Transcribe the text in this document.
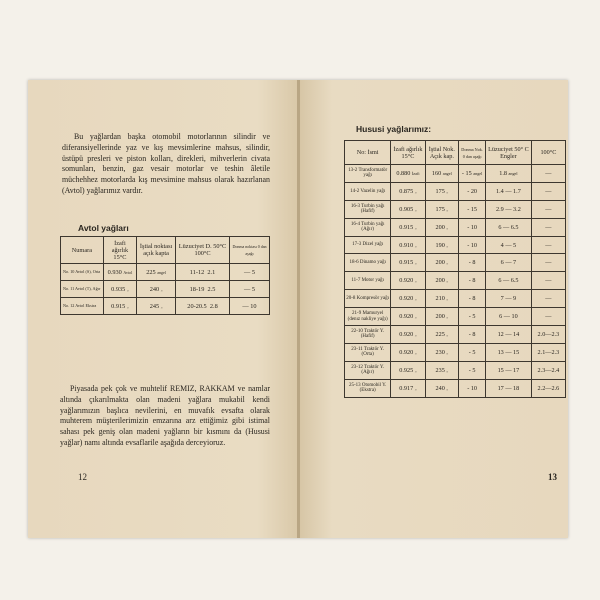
Bu yağlardan başka otomobil motorlarının silindir ve diferansiyellerinde yaz ve kış mevsimlerine mahsus, silindir, üstüpü presleri ve piston kolları, direkleri, mihverlerin civata somunları, benzin, gaz vesair motorlar ve teshin âletile müchehhez motorlarda kış mevsimine mahsus olarak hazırlanan (Avtol) yağlarımız vardır.

Avtol yağları
Numara	İzafi ağırlık 15°C	İştial noktası açık kapta	Lüzuciyet D. 50°C 100°C	Donma noktası 0 dan aşağı
No. 10 Avtol (S), Orta	0.930 Avtol	225 angel	11-12 2.1	— 5
No. 11 Avtol (T), Ağır	0.935 „	240 „	18-19 2.5	— 5
No. 12 Avtol Ekstra	0.915 „	245 „	20-20.5 2.8	— 10

Piyasada pek çok ve muhtelif REMIZ, RAKKAM ve namlar altında çıkarılmakta olan madeni yağlara mukabil kendi yağlarımızın başlıca nevilerini, en muvafık evsafta olarak muhterem müşterilerimizin emzarına arz ettiğimiz gibi istimal sahası pek geniş olan madeni yağların bir kısmını da (Hususi yağlar) namı altında evsaflarile aşağıda derceyioruz.

12
Hususi yağlarımız:
No: İsmi	İzafi ağırlık 15°C	İştial Nok. Açık kap.	Donma Nok. 0 dan aşağı	Lüzuciyet 50° C Engler	100°C
13-2 Transformatör yağı	0.880 İzafi	160 angel	- 15 angel	1.8 angel	—
14-2 Vazelin yağı	0.875 „	175 „	- 20	1.4 — 1.7	—
16-3 Turbin yağı (Hafif)	0.905 „	175 „	- 15	2.9 — 3.2	—
16-4 Turbin yağı (Ağır)	0.915 „	200 „	- 10	6 — 6.5	—
17-3 Dizel yağı	0.910 „	190 „	- 10	4 — 5	—
18-6 Dinamo yağı	0.915 „	200 „	- 8	6 — 7	—
11-7 Motor yağı	0.920 „	200 „	- 8	6 — 6.5	—
20-8 Kompresör yağı	0.920 „	210 „	- 8	7 — 9	—
21-9 Mamuryel (denız nakliye yağı)	0.920 „	200 „	- 5	6 — 10	—
22-10 Traktör Y. (Hafif)	0.920 „	225 „	- 8	12 — 14	2.0—2.3
23-11 Traktör Y. (Orta)	0.920 „	230 „	- 5	13 — 15	2.1—2.3
23-12 Traktör Y. (Ağır)	0.925 „	235 „	- 5	15 — 17	2.3—2.4
25-13 Otomobil Y. (Ekstra)	0.917 „	240 „	- 10	17 — 18	2.2—2.6
13
